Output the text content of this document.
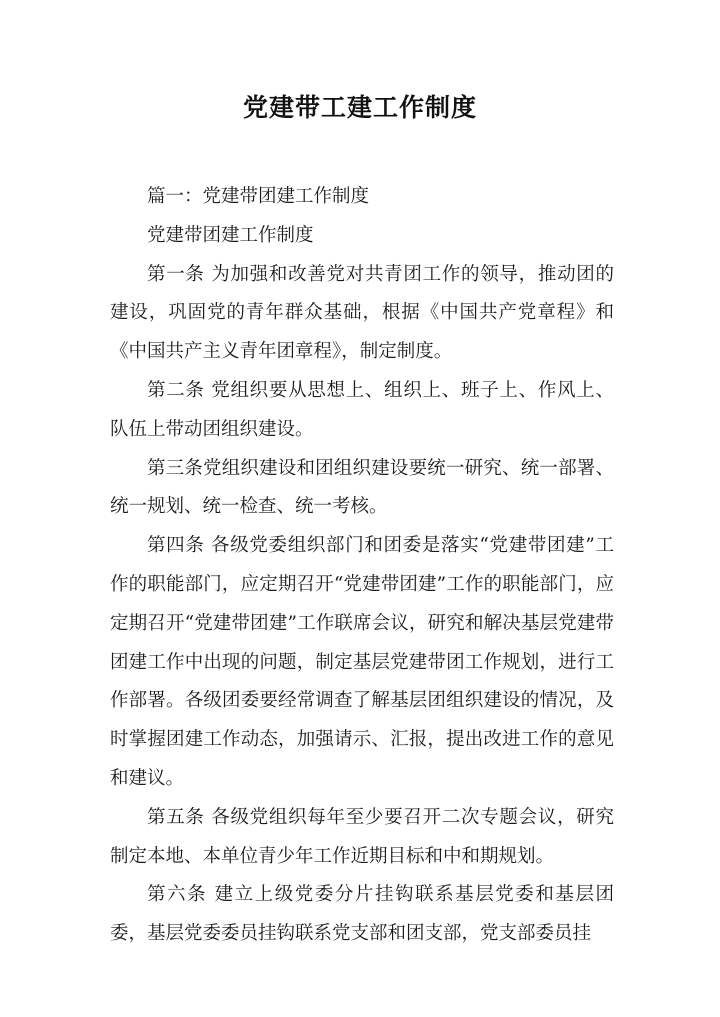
党建带工建工作制度

篇一：党建带团建工作制度

党建带团建工作制度

第一条 为加强和改善党对共青团工作的领导，推动团的建设，巩固党的青年群众基础，根据《中国共产党章程》和《中国共产主义青年团章程》，制定制度。

第二条 党组织要从思想上、组织上、班子上、作风上、队伍上带动团组织建设。

第三条党组织建设和团组织建设要统一研究、统一部署、统一规划、统一检查、统一考核。

第四条 各级党委组织部门和团委是落实“党建带团建”工作的职能部门，应定期召开“党建带团建”工作的职能部门，应定期召开“党建带团建”工作联席会议，研究和解决基层党建带团建工作中出现的问题，制定基层党建带团工作规划，进行工作部署。各级团委要经常调查了解基层团组织建设的情况，及时掌握团建工作动态，加强请示、汇报，提出改进工作的意见和建议。

第五条 各级党组织每年至少要召开二次专题会议，研究制定本地、本单位青少年工作近期目标和中和期规划。

第六条 建立上级党委分片挂钩联系基层党委和基层团委，基层党委委员挂钩联系党支部和团支部，党支部委员挂
